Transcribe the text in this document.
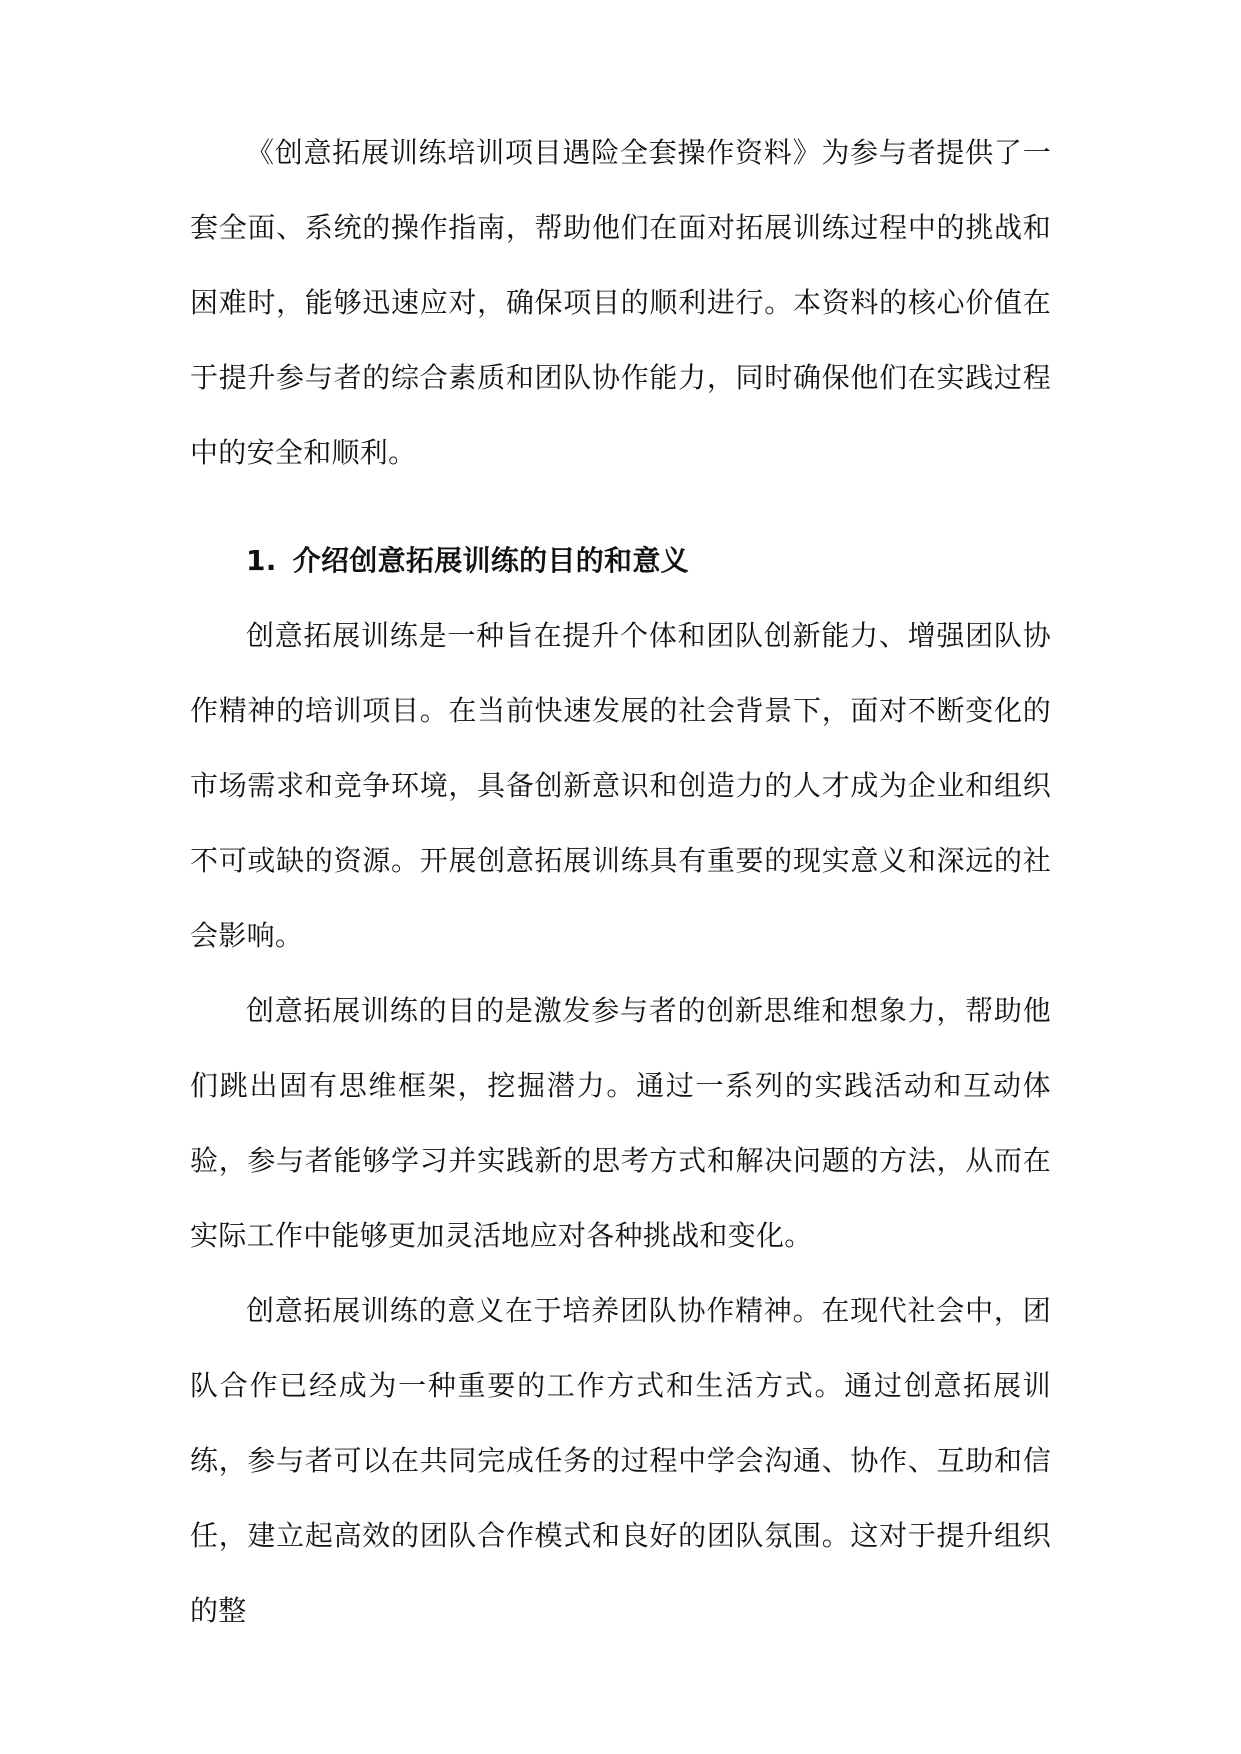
《创意拓展训练培训项目遇险全套操作资料》为参与者提供了一套全面、系统的操作指南，帮助他们在面对拓展训练过程中的挑战和困难时，能够迅速应对，确保项目的顺利进行。本资料的核心价值在于提升参与者的综合素质和团队协作能力，同时确保他们在实践过程中的安全和顺利。

1. 介绍创意拓展训练的目的和意义

创意拓展训练是一种旨在提升个体和团队创新能力、增强团队协作精神的培训项目。在当前快速发展的社会背景下，面对不断变化的市场需求和竞争环境，具备创新意识和创造力的人才成为企业和组织不可或缺的资源。开展创意拓展训练具有重要的现实意义和深远的社会影响。

创意拓展训练的目的是激发参与者的创新思维和想象力，帮助他们跳出固有思维框架，挖掘潜力。通过一系列的实践活动和互动体验，参与者能够学习并实践新的思考方式和解决问题的方法，从而在实际工作中能够更加灵活地应对各种挑战和变化。

创意拓展训练的意义在于培养团队协作精神。在现代社会中，团队合作已经成为一种重要的工作方式和生活方式。通过创意拓展训练，参与者可以在共同完成任务的过程中学会沟通、协作、互助和信任，建立起高效的团队合作模式和良好的团队氛围。这对于提升组织的整
